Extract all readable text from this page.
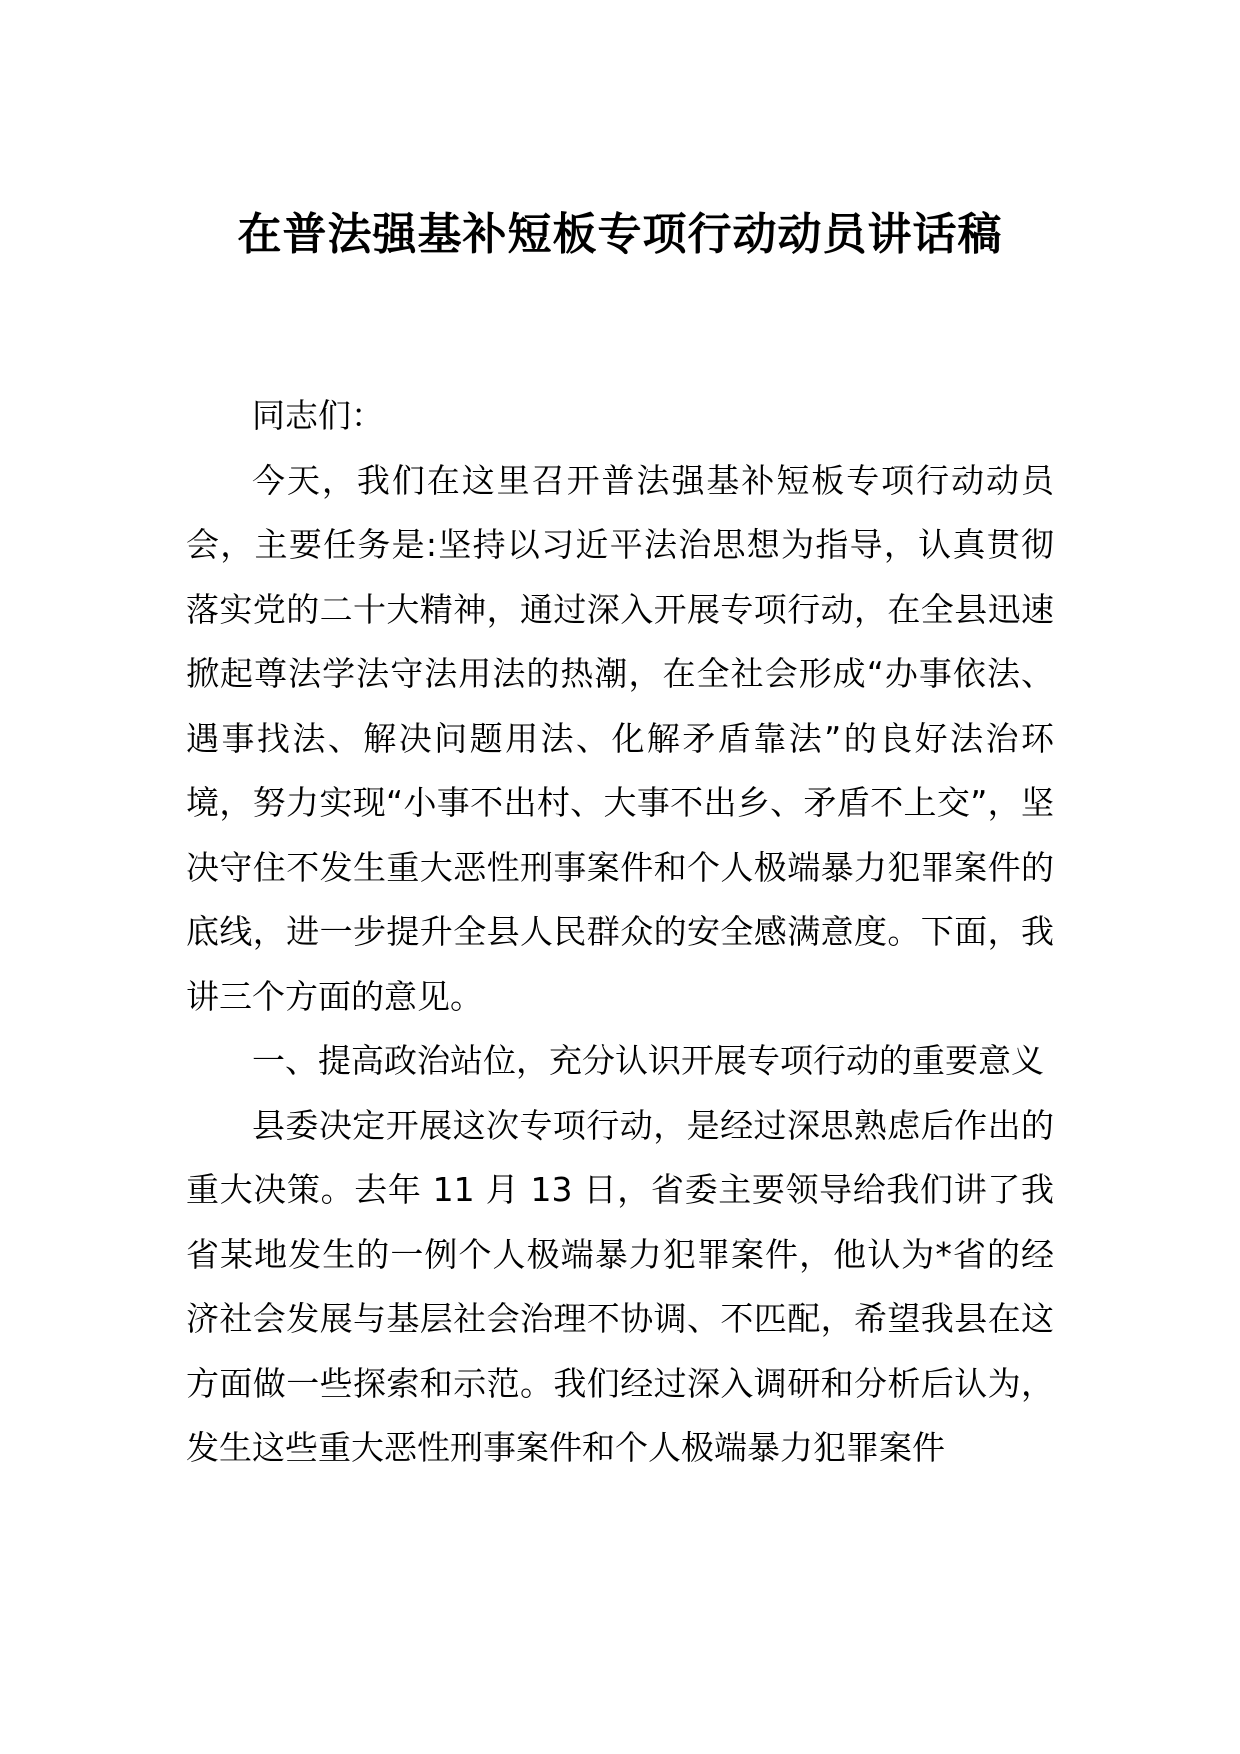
在普法强基补短板专项行动动员讲话稿

同志们：

今天，我们在这里召开普法强基补短板专项行动动员会，主要任务是:坚持以习近平法治思想为指导，认真贯彻落实党的二十大精神，通过深入开展专项行动，在全县迅速掀起尊法学法守法用法的热潮，在全社会形成“办事依法、遇事找法、解决问题用法、化解矛盾靠法”的良好法治环境，努力实现“小事不出村、大事不出乡、矛盾不上交”，坚决守住不发生重大恶性刑事案件和个人极端暴力犯罪案件的底线，进一步提升全县人民群众的安全感满意度。下面，我讲三个方面的意见。

一、提高政治站位，充分认识开展专项行动的重要意义

县委决定开展这次专项行动，是经过深思熟虑后作出的重大决策。去年 11 月 13 日，省委主要领导给我们讲了我省某地发生的一例个人极端暴力犯罪案件，他认为*省的经济社会发展与基层社会治理不协调、不匹配，希望我县在这方面做一些探索和示范。我们经过深入调研和分析后认为，发生这些重大恶性刑事案件和个人极端暴力犯罪案件
